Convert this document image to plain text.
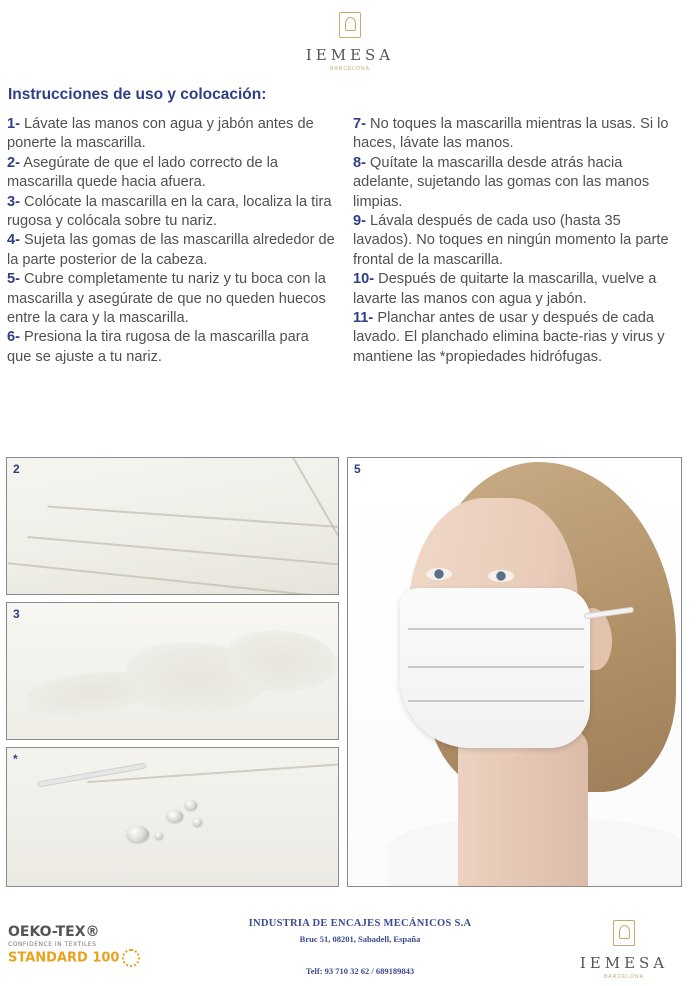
IEMESA
BARCELONA
Instrucciones de uso y colocación:

1- Lávate las manos con agua y jabón antes de ponerte la mascarilla.

2- Asegúrate de que el lado correcto de la mascarilla quede hacia afuera.

3- Colócate la mascarilla en la cara, localiza la tira rugosa y colócala sobre tu nariz.

4- Sujeta las gomas de las mascarilla alrededor de la parte posterior de la cabeza.

5- Cubre completamente tu nariz y tu boca con la mascarilla y asegúrate de que no queden huecos entre la cara y la mascarilla.

6- Presiona la tira rugosa de la mascarilla para que se ajuste a tu nariz.

7- No toques la mascarilla mientras la usas. Si lo haces, lávate las manos.

8- Quítate la mascarilla desde atrás hacia adelante, sujetando las gomas con las manos limpias.

9- Lávala después de cada uso (hasta 35 lavados). No toques en ningún momento la parte frontal de la mascarilla.

10- Después de quitarte la mascarilla, vuelve a lavarte las manos con agua y jabón.

11- Planchar antes de usar y después de cada lavado. El planchado elimina bacte-rias y virus y mantiene las *propiedades hidrófugas.

2
3
*
5
OEKO-TEX®
CONFIDENCE IN TEXTILES
STANDARD 100
INDUSTRIA DE ENCAJES MECÁNICOS S.A
Bruc 51, 08201, Sabadell, España
Telf: 93 710 32 62 / 689189843	IEMESA
BARCELONA
